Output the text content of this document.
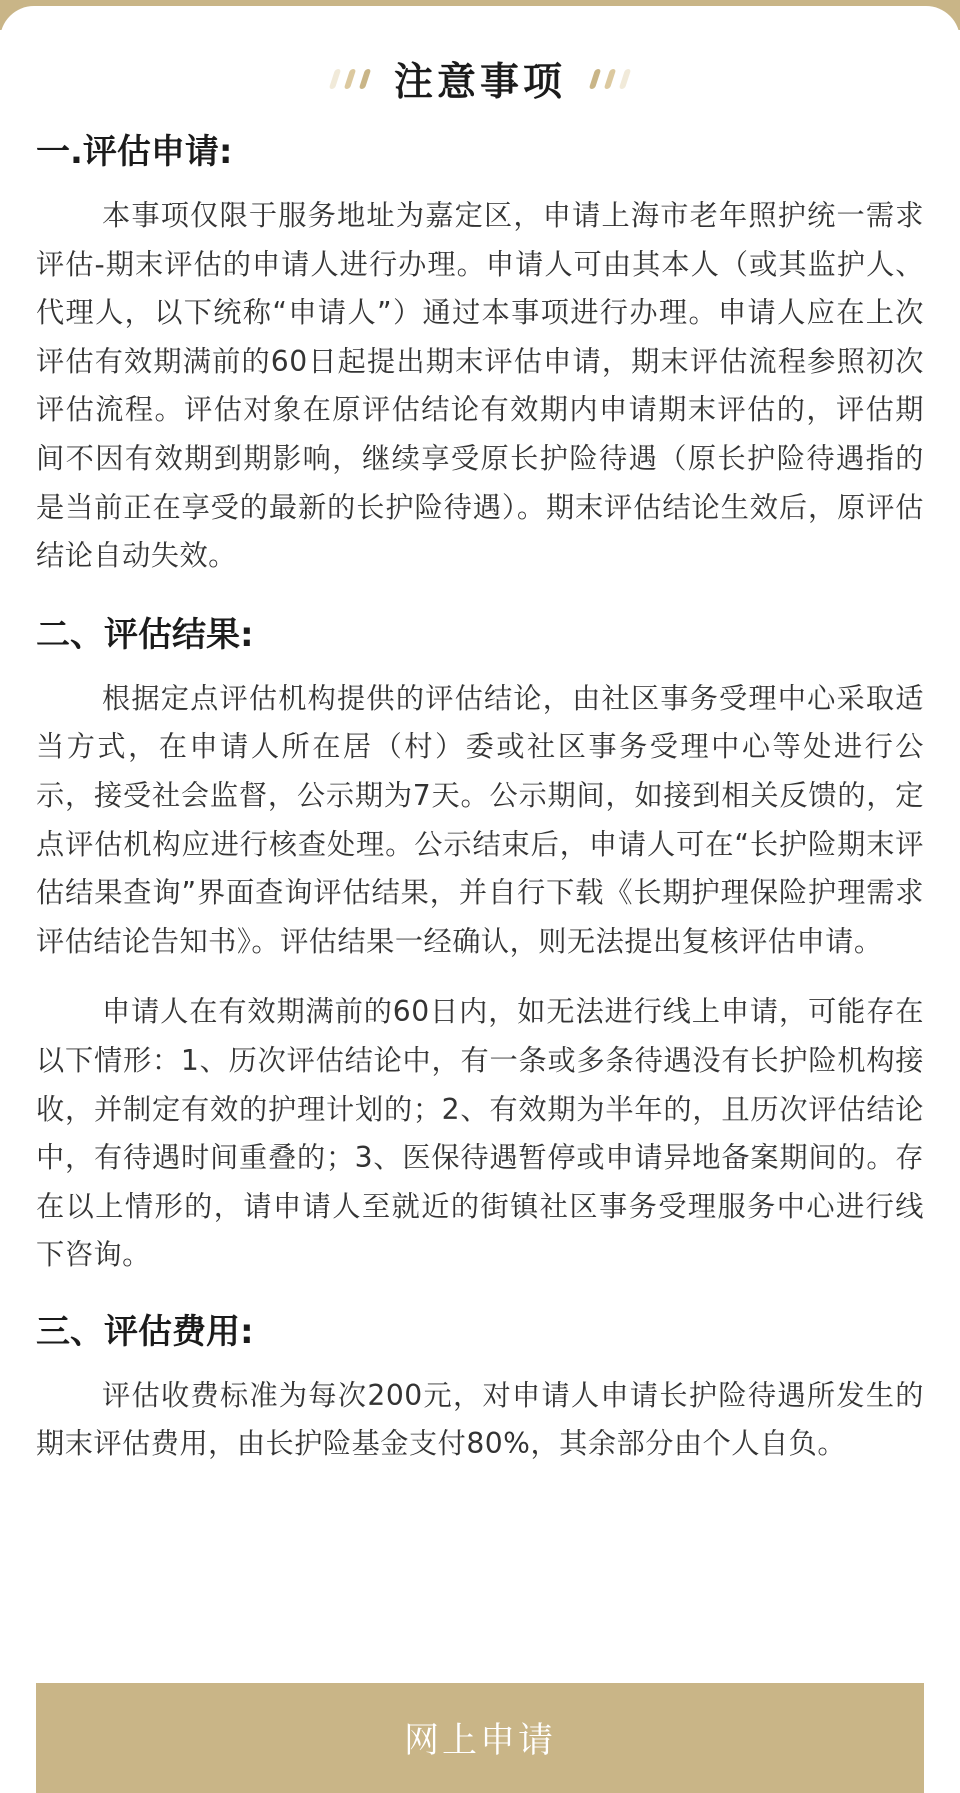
注意事项
一.评估申请:

本事项仅限于服务地址为嘉定区，申请上海市老年照护统一需求评估-期末评估的申请人进行办理。申请人可由其本人（或其监护人、代理人，以下统称“申请人”）通过本事项进行办理。申请人应在上次评估有效期满前的60日起提出期末评估申请，期末评估流程参照初次评估流程。评估对象在原评估结论有效期内申请期末评估的，评估期间不因有效期到期影响，继续享受原长护险待遇（原长护险待遇指的是当前正在享受的最新的长护险待遇）。期末评估结论生效后，原评估结论自动失效。

二、评估结果:

根据定点评估机构提供的评估结论，由社区事务受理中心采取适当方式，在申请人所在居（村）委或社区事务受理中心等处进行公示，接受社会监督，公示期为7天。公示期间，如接到相关反馈的，定点评估机构应进行核查处理。公示结束后，申请人可在“长护险期末评估结果查询”界面查询评估结果，并自行下载《长期护理保险护理需求评估结论告知书》。评估结果一经确认，则无法提出复核评估申请。

申请人在有效期满前的60日内，如无法进行线上申请，可能存在以下情形：1、历次评估结论中，有一条或多条待遇没有长护险机构接收，并制定有效的护理计划的；2、有效期为半年的，且历次评估结论中，有待遇时间重叠的；3、医保待遇暂停或申请异地备案期间的。存在以上情形的，请申请人至就近的街镇社区事务受理服务中心进行线下咨询。

三、评估费用:

评估收费标准为每次200元，对申请人申请长护险待遇所发生的期末评估费用，由长护险基金支付80%，其余部分由个人自负。

网上申请
